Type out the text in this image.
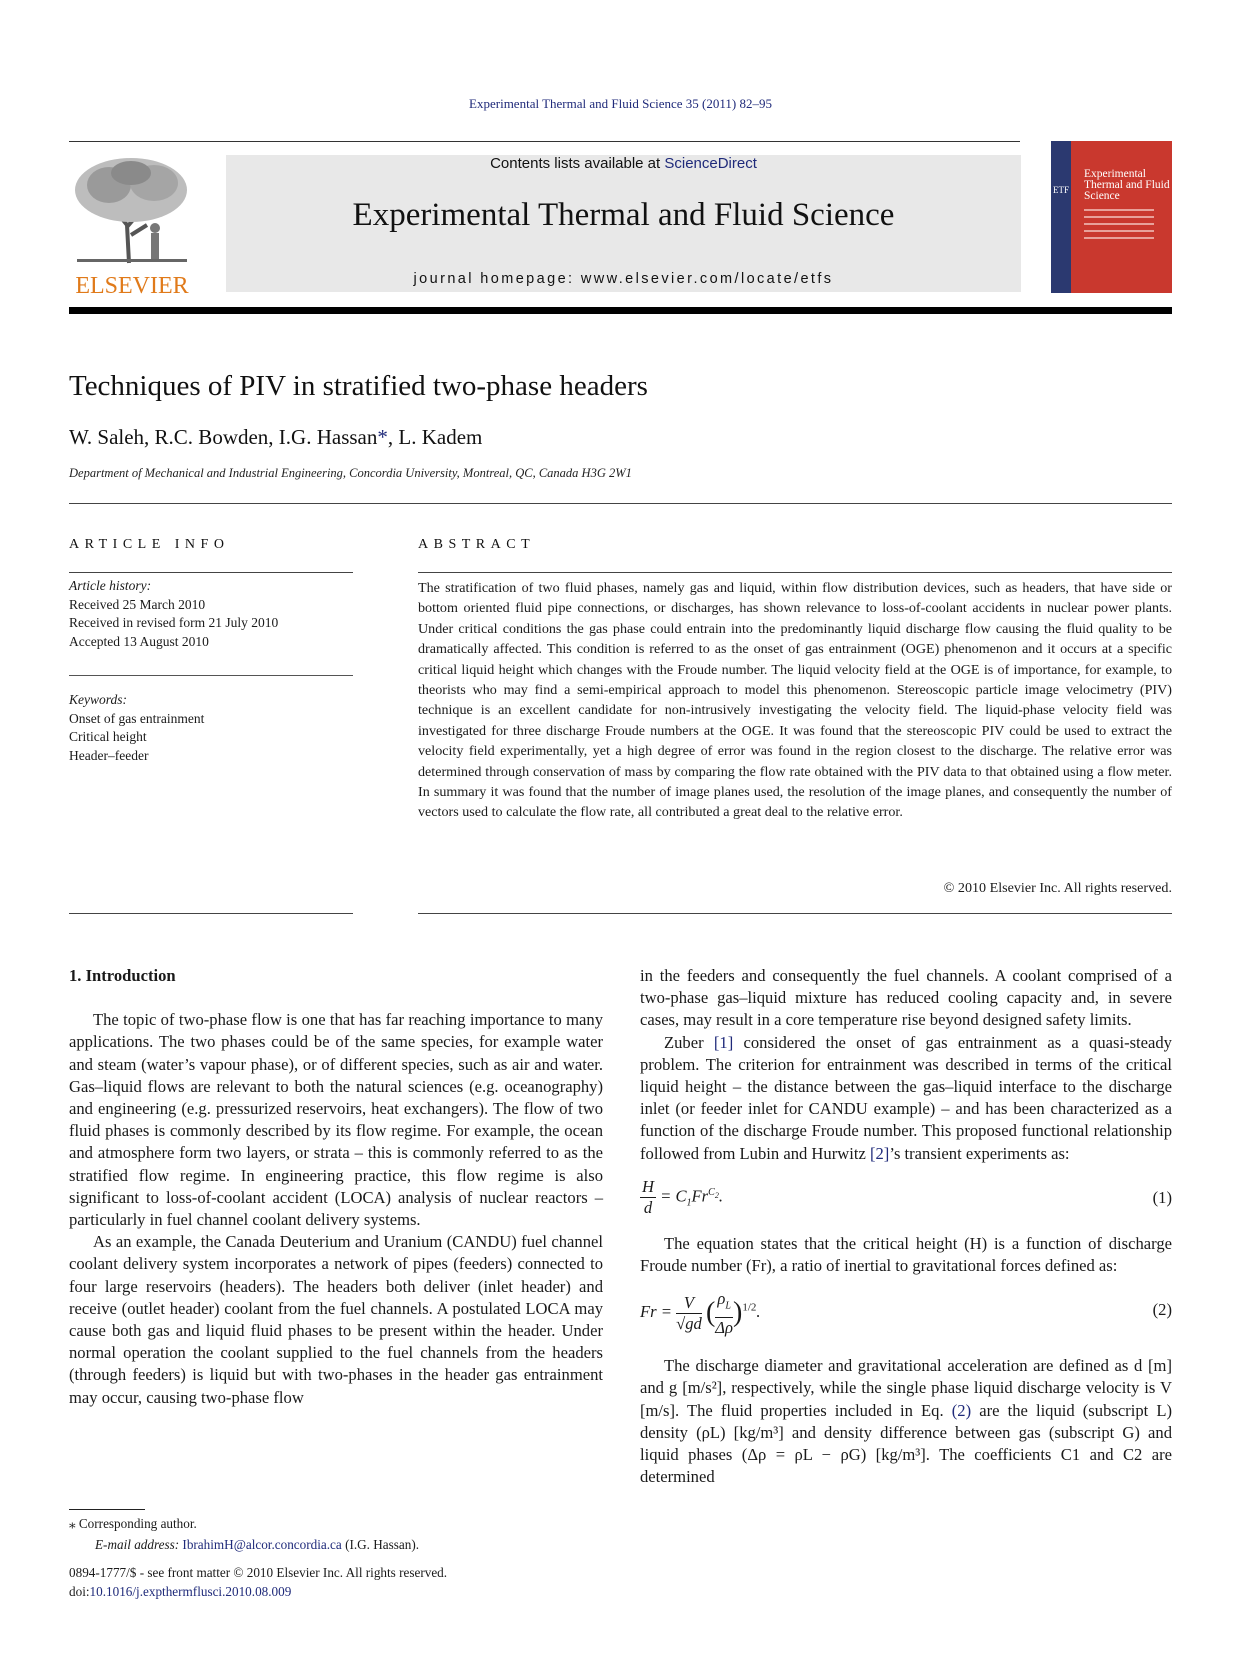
Experimental Thermal and Fluid Science 35 (2011) 82–95
ELSEVIER
Contents lists available at ScienceDirect
Experimental Thermal and Fluid Science
journal homepage: www.elsevier.com/locate/etfs
ETF
Experimental Thermal and Fluid Science
Techniques of PIV in stratified two-phase headers
W. Saleh, R.C. Bowden, I.G. Hassan*, L. Kadem
Department of Mechanical and Industrial Engineering, Concordia University, Montreal, QC, Canada H3G 2W1
ARTICLE INFO	ABSTRACT
Article history:
Received 25 March 2010
Received in revised form 21 July 2010
Accepted 13 August 2010
Keywords:
Onset of gas entrainment
Critical height
Header–feeder
The stratification of two fluid phases, namely gas and liquid, within flow distribution devices, such as headers, that have side or bottom oriented fluid pipe connections, or discharges, has shown relevance to loss-of-coolant accidents in nuclear power plants. Under critical conditions the gas phase could entrain into the predominantly liquid discharge flow causing the fluid quality to be dramatically affected. This condition is referred to as the onset of gas entrainment (OGE) phenomenon and it occurs at a specific critical liquid height which changes with the Froude number. The liquid velocity field at the OGE is of importance, for example, to theorists who may find a semi-empirical approach to model this phenomenon. Stereoscopic particle image velocimetry (PIV) technique is an excellent candidate for non-intrusively investigating the velocity field. The liquid-phase velocity field was investigated for three discharge Froude numbers at the OGE. It was found that the stereoscopic PIV could be used to extract the velocity field experimentally, yet a high degree of error was found in the region closest to the discharge. The relative error was determined through conservation of mass by comparing the flow rate obtained with the PIV data to that obtained using a flow meter. In summary it was found that the number of image planes used, the resolution of the image planes, and consequently the number of vectors used to calculate the flow rate, all contributed a great deal to the relative error.
© 2010 Elsevier Inc. All rights reserved.

1. Introduction

The topic of two-phase flow is one that has far reaching importance to many applications. The two phases could be of the same species, for example water and steam (water’s vapour phase), or of different species, such as air and water. Gas–liquid flows are relevant to both the natural sciences (e.g. oceanography) and engineering (e.g. pressurized reservoirs, heat exchangers). The flow of two fluid phases is commonly described by its flow regime. For example, the ocean and atmosphere form two layers, or strata – this is commonly referred to as the stratified flow regime. In engineering practice, this flow regime is also significant to loss-of-coolant accident (LOCA) analysis of nuclear reactors – particularly in fuel channel coolant delivery systems.

As an example, the Canada Deuterium and Uranium (CANDU) fuel channel coolant delivery system incorporates a network of pipes (feeders) connected to four large reservoirs (headers). The headers both deliver (inlet header) and receive (outlet header) coolant from the fuel channels. A postulated LOCA may cause both gas and liquid fluid phases to be present within the header. Under normal operation the coolant supplied to the fuel channels from the headers (through feeders) is liquid but with two-phases in the header gas entrainment may occur, causing two-phase flow

in the feeders and consequently the fuel channels. A coolant comprised of a two-phase gas–liquid mixture has reduced cooling capacity and, in severe cases, may result in a core temperature rise beyond designed safety limits.

Zuber [1] considered the onset of gas entrainment as a quasi-steady problem. The criterion for entrainment was described in terms of the critical liquid height – the distance between the gas–liquid interface to the discharge inlet (or feeder inlet for CANDU example) – and has been characterized as a function of the discharge Froude number. This proposed functional relationship followed from Lubin and Hurwitz [2]’s transient experiments as:

$\frac{H}{d} = C_1Fr^{C_2}$.	(1)

The equation states that the critical height (H) is a function of discharge Froude number (Fr), a ratio of inertial to gravitational forces defined as:

$Fr = \frac{V}{√gd}$ ( $\frac{\rho_L}{\Delta\rho} )^{1/2}$.	(2)

The discharge diameter and gravitational acceleration are defined as d [m] and g [m/s²], respectively, while the single phase liquid discharge velocity is V [m/s]. The fluid properties included in Eq. (2) are the liquid (subscript L) density (ρL) [kg/m³] and density difference between gas (subscript G) and liquid phases (Δρ = ρL − ρG) [kg/m³]. The coefficients C1 and C2 are determined

⁎ Corresponding author.
E-mail address: IbrahimH@alcor.concordia.ca (I.G. Hassan).
0894-1777/$ - see front matter © 2010 Elsevier Inc. All rights reserved.
doi:10.1016/j.expthermflusci.2010.08.009
